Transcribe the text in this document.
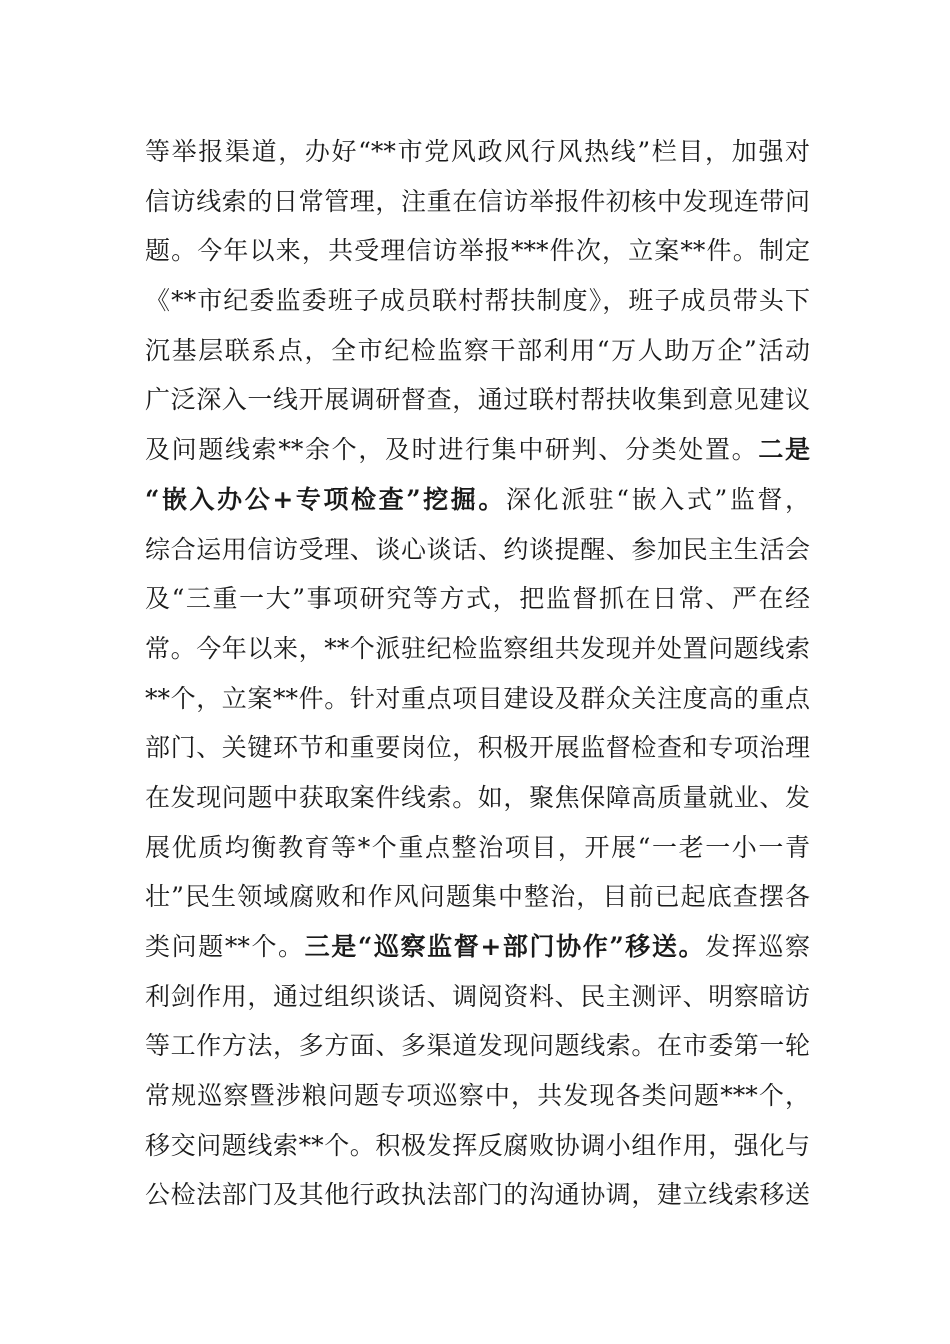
等举报渠道，办好“**市党风政风行风热线”栏目，加强对
信访线索的日常管理，注重在信访举报件初核中发现连带问
题。今年以来，共受理信访举报***件次，立案**件。制定
《**市纪委监委班子成员联村帮扶制度》，班子成员带头下
沉基层联系点，全市纪检监察干部利用“万人助万企”活动
广泛深入一线开展调研督查，通过联村帮扶收集到意见建议
及问题线索**余个，及时进行集中研判、分类处置。二是
“嵌入办公+专项检查”挖掘。深化派驻“嵌入式”监督，
综合运用信访受理、谈心谈话、约谈提醒、参加民主生活会
及“三重一大”事项研究等方式，把监督抓在日常、严在经
常。今年以来，**个派驻纪检监察组共发现并处置问题线索
**个，立案**件。针对重点项目建设及群众关注度高的重点
部门、关键环节和重要岗位，积极开展监督检查和专项治理
在发现问题中获取案件线索。如，聚焦保障高质量就业、发
展优质均衡教育等*个重点整治项目，开展“一老一小一青
壮”民生领域腐败和作风问题集中整治，目前已起底查摆各
类问题**个。三是“巡察监督+部门协作”移送。发挥巡察
利剑作用，通过组织谈话、调阅资料、民主测评、明察暗访
等工作方法，多方面、多渠道发现问题线索。在市委第一轮
常规巡察暨涉粮问题专项巡察中，共发现各类问题***个，
移交问题线索**个。积极发挥反腐败协调小组作用，强化与
公检法部门及其他行政执法部门的沟通协调，建立线索移送
